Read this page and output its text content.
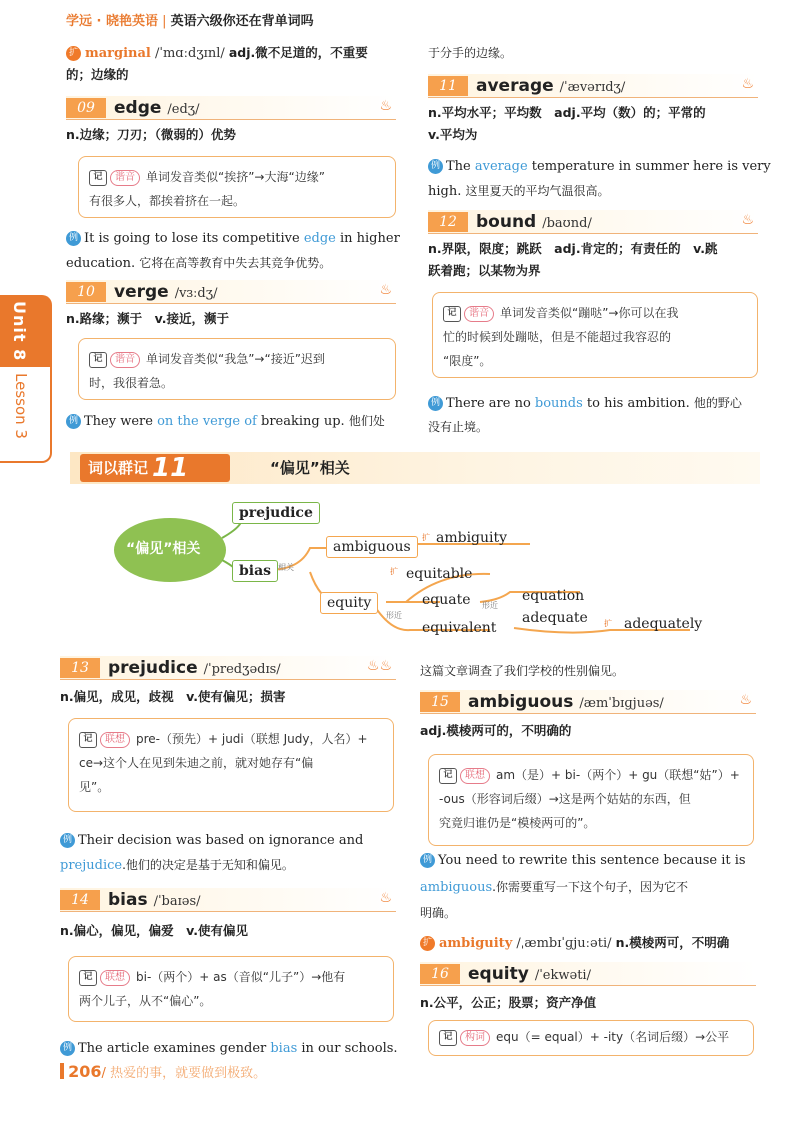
学远 · 晓艳英语 | 英语六级你还在背单词吗
Unit 8
Lesson 3
扩 marginal /ˈmɑːdʒɪnl/ adj.微不足道的，不重要
的；边缘的
09	edge /edʒ/	♨
n.边缘；刀刃；（微弱的）优势
记 谐音 单词发音类似“挨挤”→大海“边缘”
有很多人，都挨着挤在一起。
例 It is going to lose its competitive edge in higher
education. 它将在高等教育中失去其竞争优势。
10	verge /vɜːdʒ/	♨
n.路缘；濒于　v.接近，濒于
记 谐音 单词发音类似“我急”→“接近”迟到
时，我很着急。
例 They were on the verge of breaking up. 他们处
于分手的边缘。
11	average /ˈævərɪdʒ/	♨
n.平均水平；平均数　adj.平均（数）的；平常的
v.平均为
例 The average temperature in summer here is very
high. 这里夏天的平均气温很高。
12	bound /baʊnd/	♨
n.界限，限度；跳跃　adj.肯定的；有责任的　v.跳
跃着跑；以某物为界
记 谐音 单词发音类似“蹦哒”→你可以在我
忙的时候到处蹦哒，但是不能超过我容忍的
“限度”。
例 There are no bounds to his ambition. 他的野心
没有止境。
词以群记 11	“偏见”相关
“偏见”相关
prejudice
bias 相关
ambiguous
扩 ambiguity
equity
扩 equitable
形近
equate
equivalent
形近
equation
adequate 扩 adequately
13	prejudice /ˈpredʒədɪs/	♨♨
n.偏见，成见，歧视　v.使有偏见；损害
记 联想 pre-（预先）+ judi（联想 Judy，人名）+
ce→这个人在见到朱迪之前，就对她存有“偏
见”。
例 Their decision was based on ignorance and
prejudice.他们的决定是基于无知和偏见。
14	bias /ˈbaɪəs/	♨
n.偏心，偏见，偏爱　v.使有偏见
记 联想 bi-（两个）+ as（音似“儿子”）→他有
两个儿子，从不“偏心”。
例 The article examines gender bias in our schools.
这篇文章调查了我们学校的性别偏见。
15	ambiguous /æmˈbɪɡjuəs/	♨
adj.模棱两可的，不明确的
记 联想 am（是）+ bi-（两个）+ gu（联想“姑”）+
-ous（形容词后缀）→这是两个姑姑的东西，但
究竟归谁仍是“模棱两可的”。
例 You need to rewrite this sentence because it is
ambiguous.你需要重写一下这个句子，因为它不
明确。
扩 ambiguity /ˌæmbɪˈɡjuːəti/ n.模棱两可，不明确
16	equity /ˈekwəti/
n.公平，公正；股票；资产净值
记 构词 equ（= equal）+ -ity（名词后缀）→公平
206/ 热爱的事，就要做到极致。
